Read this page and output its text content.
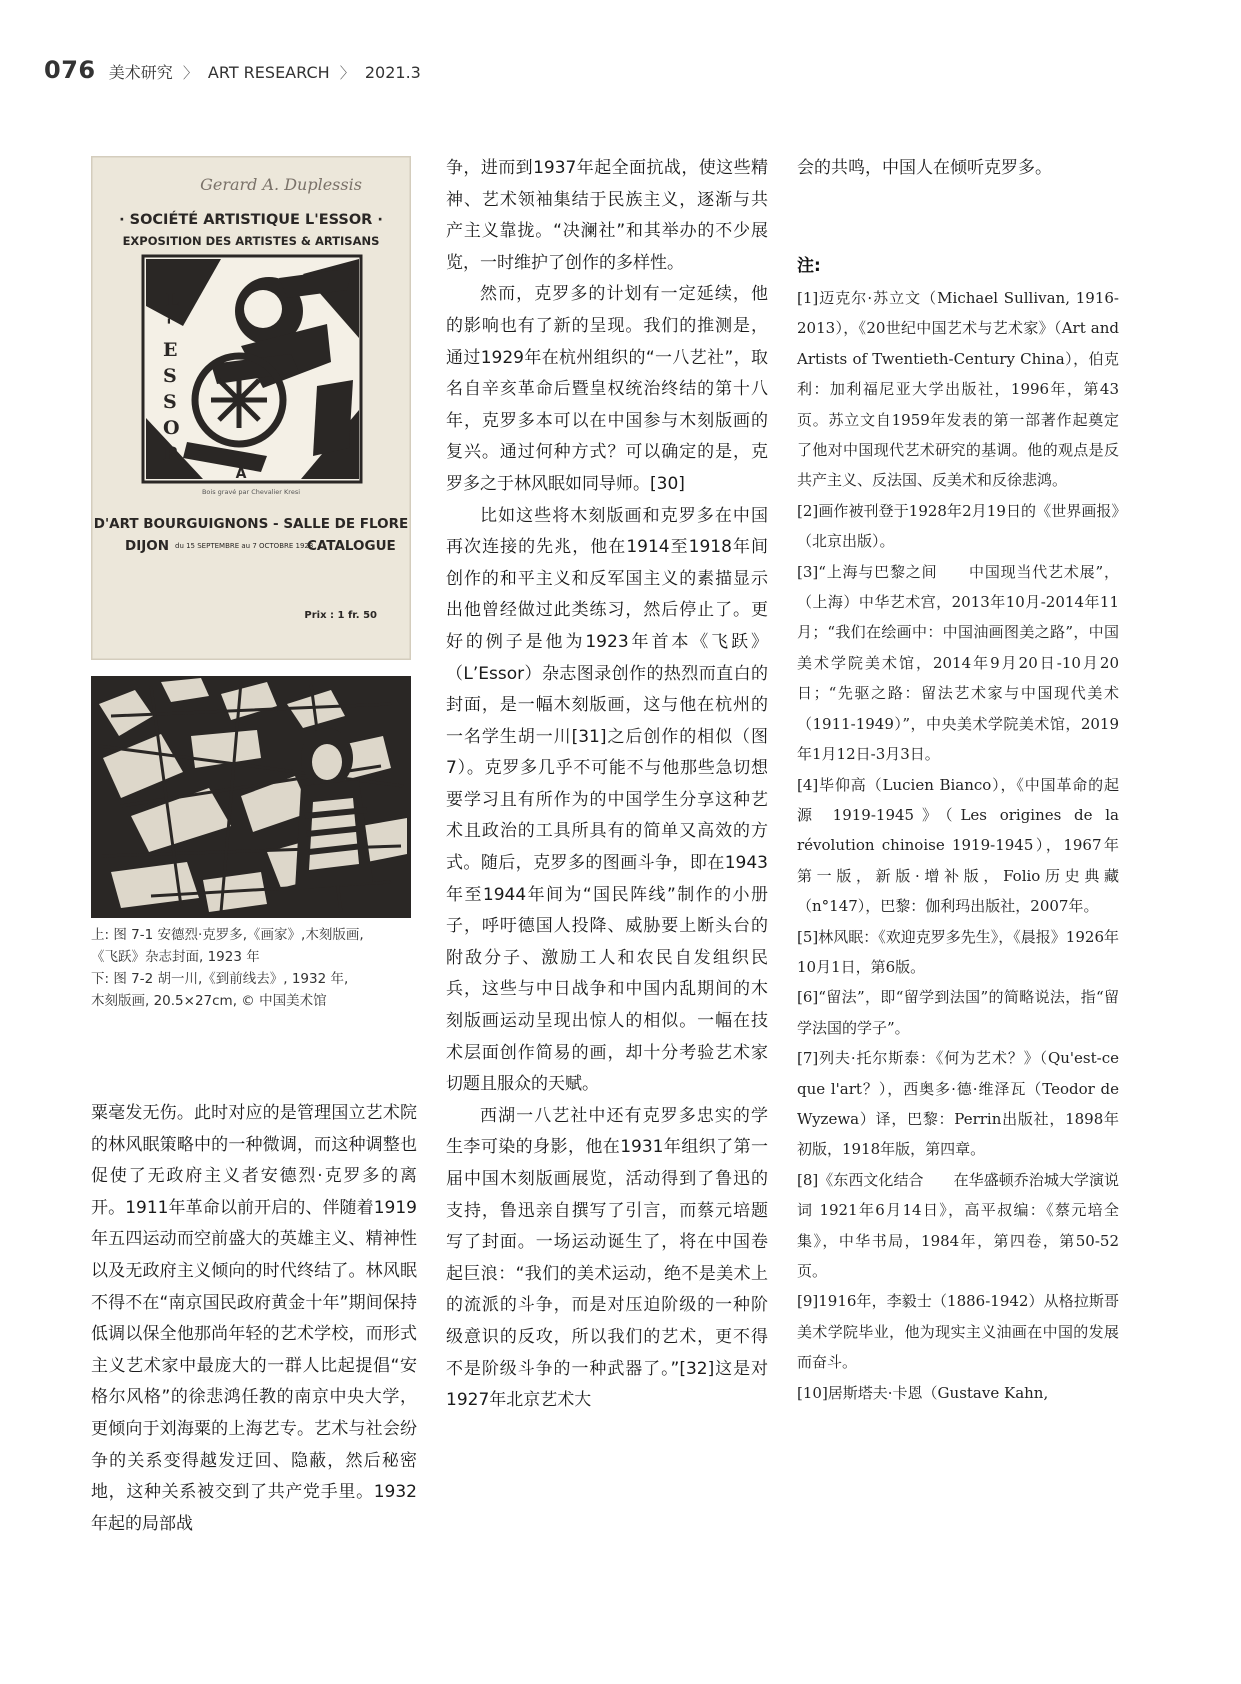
076 美术研究 〉 ART RESEARCH 〉 2021.3
Gerard A. Duplessis
· SOCIÉTÉ ARTISTIQUE L'ESSOR ·
EXPOSITION DES ARTISTES & ARTISANS
L ' E S S O R
A
Bois gravé par Chevalier Kresi
D'ART BOURGUIGNONS - SALLE DE FLORE
DIJON du 15 SEPTEMBRE au 7 OCTOBRE 1923
CATALOGUE
Prix : 1 fr. 50
上: 图 7-1 安德烈·克罗多,《画家》,木刻版画,
《飞跃》杂志封面, 1923 年
下: 图 7-2 胡一川,《到前线去》, 1932 年,
木刻版画, 20.5×27cm, © 中国美术馆

粟毫发无伤。此时对应的是管理国立艺术院的林风眠策略中的一种微调，而这种调整也促使了无政府主义者安德烈·克罗多的离开。1911年革命以前开启的、伴随着1919年五四运动而空前盛大的英雄主义、精神性以及无政府主义倾向的时代终结了。林风眠不得不在“南京国民政府黄金十年”期间保持低调以保全他那尚年轻的艺术学校，而形式主义艺术家中最庞大的一群人比起提倡“安格尔风格”的徐悲鸿任教的南京中央大学，更倾向于刘海粟的上海艺专。艺术与社会纷争的关系变得越发迂回、隐蔽，然后秘密地，这种关系被交到了共产党手里。1932年起的局部战

争，进而到1937年起全面抗战，使这些精神、艺术领袖集结于民族主义，逐渐与共产主义靠拢。“决澜社”和其举办的不少展览，一时维护了创作的多样性。

然而，克罗多的计划有一定延续，他的影响也有了新的呈现。我们的推测是，通过1929年在杭州组织的“一八艺社”，取名自辛亥革命后暨皇权统治终结的第十八年，克罗多本可以在中国参与木刻版画的复兴。通过何种方式？可以确定的是，克罗多之于林风眠如同导师。[30]

比如这些将木刻版画和克罗多在中国再次连接的先兆，他在1914至1918年间创作的和平主义和反军国主义的素描显示出他曾经做过此类练习，然后停止了。更好的例子是他为1923年首本《飞跃》（L’Essor）杂志图录创作的热烈而直白的封面，是一幅木刻版画，这与他在杭州的一名学生胡一川[31]之后创作的相似（图7）。克罗多几乎不可能不与他那些急切想要学习且有所作为的中国学生分享这种艺术且政治的工具所具有的简单又高效的方式。随后，克罗多的图画斗争，即在1943年至1944年间为“国民阵线”制作的小册子，呼吁德国人投降、威胁要上断头台的附敌分子、激励工人和农民自发组织民兵，这些与中日战争和中国内乱期间的木刻版画运动呈现出惊人的相似。一幅在技术层面创作简易的画，却十分考验艺术家切题且服众的天赋。

西湖一八艺社中还有克罗多忠实的学生李可染的身影，他在1931年组织了第一届中国木刻版画展览，活动得到了鲁迅的支持，鲁迅亲自撰写了引言，而蔡元培题写了封面。一场运动诞生了，将在中国卷起巨浪：“我们的美术运动，绝不是美术上的流派的斗争，而是对压迫阶级的一种阶级意识的反攻，所以我们的艺术，更不得不是阶级斗争的一种武器了。”[32]这是对1927年北京艺术大

会的共鸣，中国人在倾听克罗多。

注:

[1]迈克尔·苏立文（Michael Sullivan, 1916-2013），《20世纪中国艺术与艺术家》（Art and Artists of Twentieth-Century China），伯克利：加利福尼亚大学出版社，1996年，第43页。苏立文自1959年发表的第一部著作起奠定了他对中国现代艺术研究的基调。他的观点是反共产主义、反法国、反美术和反徐悲鸿。

[2]画作被刊登于1928年2月19日的《世界画报》（北京出版）。

[3]“上海与巴黎之间　　中国现当代艺术展”，（上海）中华艺术宫，2013年10月-2014年11月；“我们在绘画中：中国油画图美之路”，中国美术学院美术馆，2014年9月20日-10月20日；“先驱之路：留法艺术家与中国现代美术（1911-1949）”，中央美术学院美术馆，2019年1月12日-3月3日。

[4]毕仰高（Lucien Bianco），《中国革命的起源 1919-1945》（Les origines de la révolution chinoise 1919-1945），1967年第一版，新版·增补版，Folio历史典藏（n°147），巴黎：伽利玛出版社，2007年。

[5]林风眠：《欢迎克罗多先生》，《晨报》1926年10月1日，第6版。

[6]“留法”，即“留学到法国”的简略说法，指“留学法国的学子”。

[7]列夫·托尔斯泰：《何为艺术？》（Qu'est-ce que l'art？），西奥多·德·维泽瓦（Teodor de Wyzewa）译，巴黎：Perrin出版社，1898年初版，1918年版，第四章。

[8]《东西文化结合　　在华盛顿乔治城大学演说词 1921年6月14日》，高平叔编：《蔡元培全集》，中华书局，1984年，第四卷，第50-52页。

[9]1916年，李毅士（1886-1942）从格拉斯哥美术学院毕业，他为现实主义油画在中国的发展而奋斗。

[10]居斯塔夫·卡恩（Gustave Kahn,
